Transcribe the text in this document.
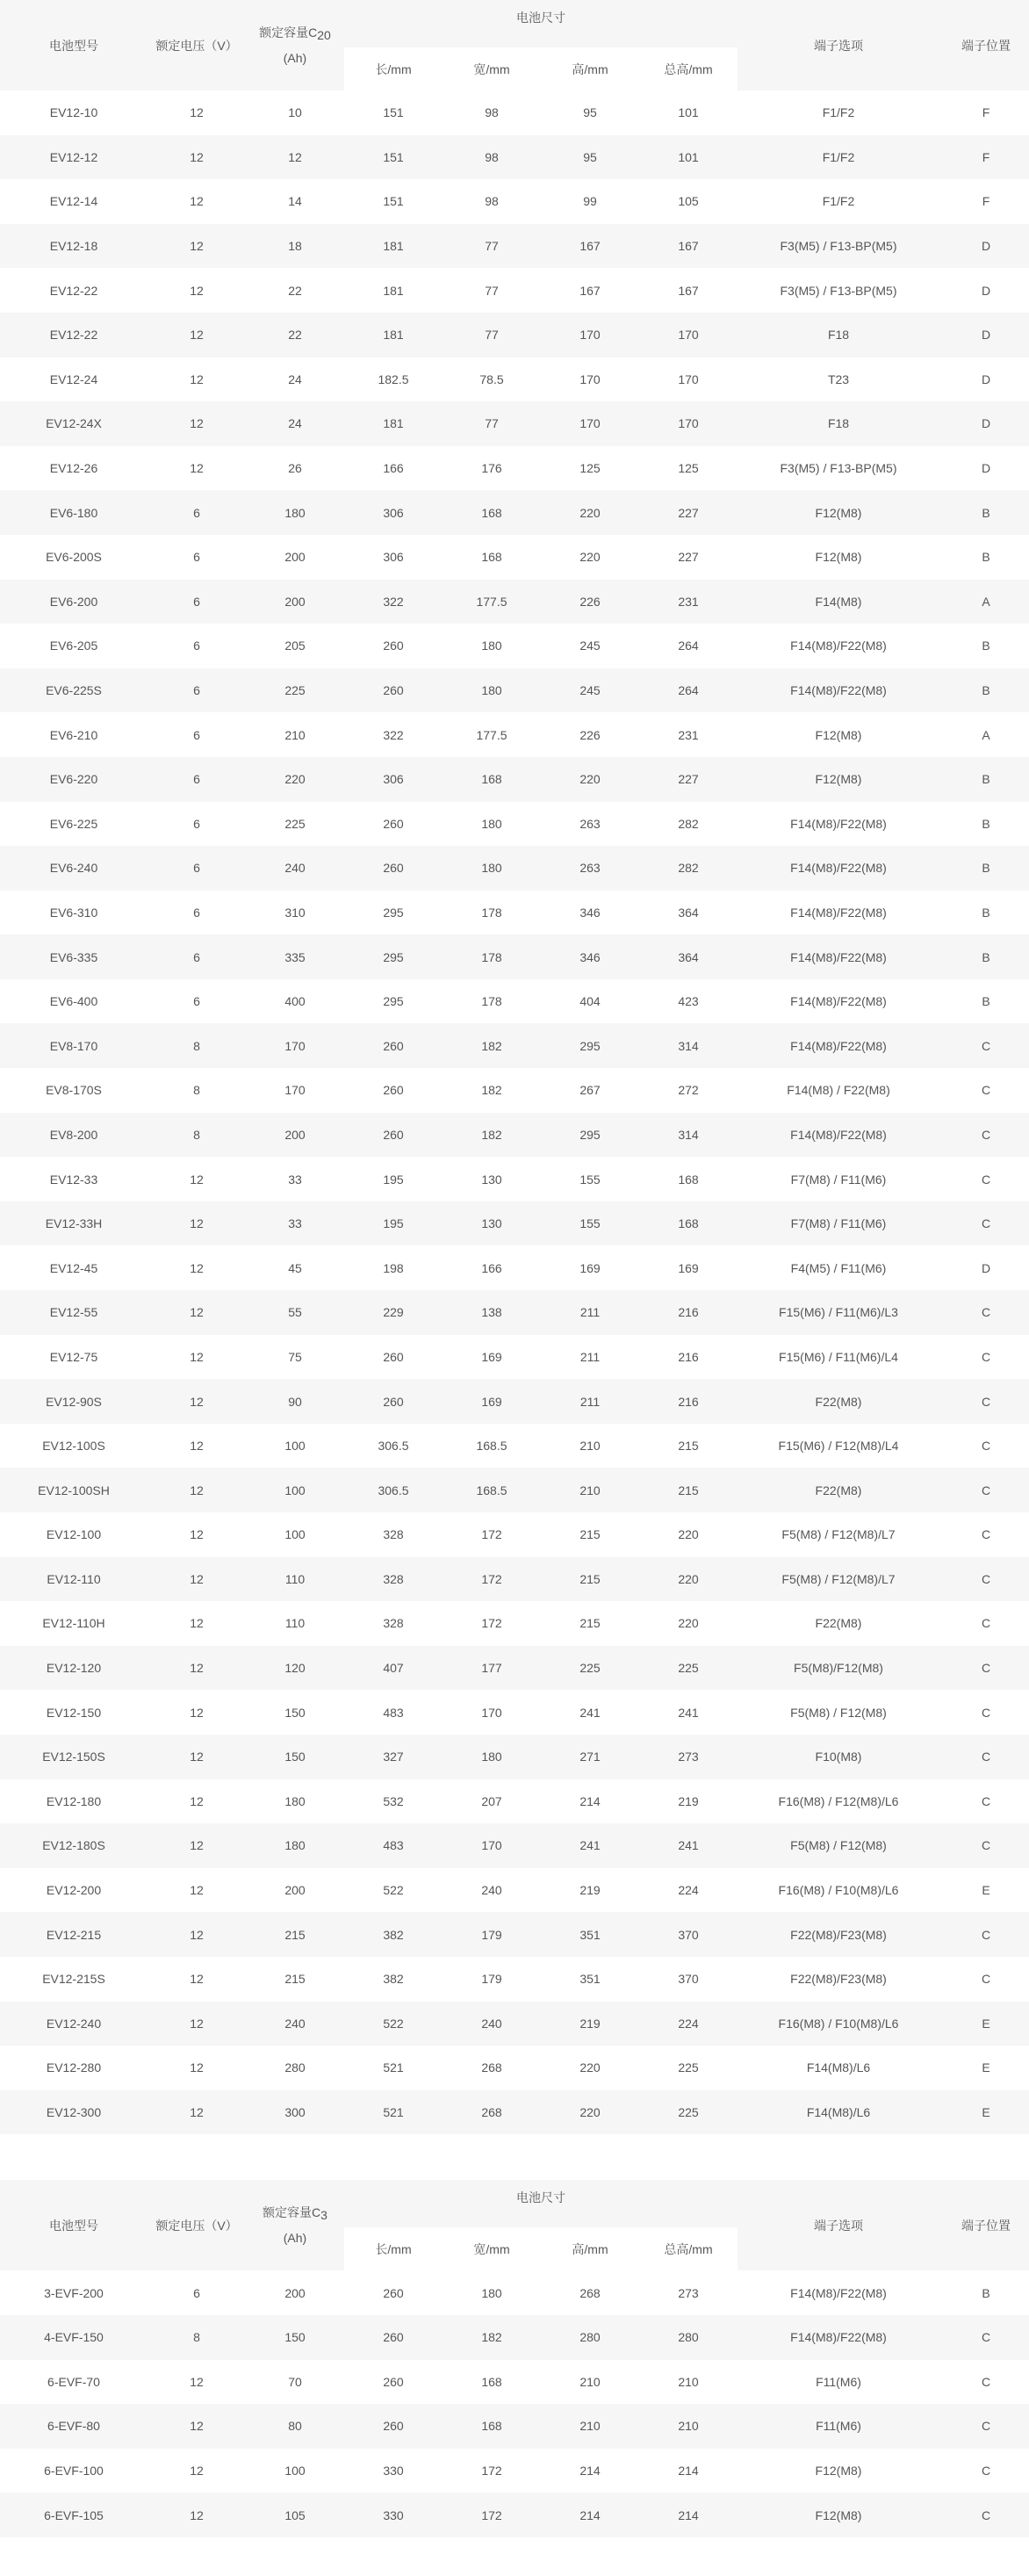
电池型号	额定电压（V）	额定容量C20
(Ah)	电池尺寸				端子选项	端子位置
			长/mm	宽/mm	高/mm	总高/mm		
EV12-10	12	10	151	98	95	101	F1/F2	F
EV12-12	12	12	151	98	95	101	F1/F2	F
EV12-14	12	14	151	98	99	105	F1/F2	F
EV12-18	12	18	181	77	167	167	F3(M5) / F13-BP(M5)	D
EV12-22	12	22	181	77	167	167	F3(M5) / F13-BP(M5)	D
EV12-22	12	22	181	77	170	170	F18	D
EV12-24	12	24	182.5	78.5	170	170	T23	D
EV12-24X	12	24	181	77	170	170	F18	D
EV12-26	12	26	166	176	125	125	F3(M5) / F13-BP(M5)	D
EV6-180	6	180	306	168	220	227	F12(M8)	B
EV6-200S	6	200	306	168	220	227	F12(M8)	B
EV6-200	6	200	322	177.5	226	231	F14(M8)	A
EV6-205	6	205	260	180	245	264	F14(M8)/F22(M8)	B
EV6-225S	6	225	260	180	245	264	F14(M8)/F22(M8)	B
EV6-210	6	210	322	177.5	226	231	F12(M8)	A
EV6-220	6	220	306	168	220	227	F12(M8)	B
EV6-225	6	225	260	180	263	282	F14(M8)/F22(M8)	B
EV6-240	6	240	260	180	263	282	F14(M8)/F22(M8)	B
EV6-310	6	310	295	178	346	364	F14(M8)/F22(M8)	B
EV6-335	6	335	295	178	346	364	F14(M8)/F22(M8)	B
EV6-400	6	400	295	178	404	423	F14(M8)/F22(M8)	B
EV8-170	8	170	260	182	295	314	F14(M8)/F22(M8)	C
EV8-170S	8	170	260	182	267	272	F14(M8) / F22(M8)	C
EV8-200	8	200	260	182	295	314	F14(M8)/F22(M8)	C
EV12-33	12	33	195	130	155	168	F7(M8) / F11(M6)	C
EV12-33H	12	33	195	130	155	168	F7(M8) / F11(M6)	C
EV12-45	12	45	198	166	169	169	F4(M5) / F11(M6)	D
EV12-55	12	55	229	138	211	216	F15(M6) / F11(M6)/L3	C
EV12-75	12	75	260	169	211	216	F15(M6) / F11(M6)/L4	C
EV12-90S	12	90	260	169	211	216	F22(M8)	C
EV12-100S	12	100	306.5	168.5	210	215	F15(M6) / F12(M8)/L4	C
EV12-100SH	12	100	306.5	168.5	210	215	F22(M8)	C
EV12-100	12	100	328	172	215	220	F5(M8) / F12(M8)/L7	C
EV12-110	12	110	328	172	215	220	F5(M8) / F12(M8)/L7	C
EV12-110H	12	110	328	172	215	220	F22(M8)	C
EV12-120	12	120	407	177	225	225	F5(M8)/F12(M8)	C
EV12-150	12	150	483	170	241	241	F5(M8) / F12(M8)	C
EV12-150S	12	150	327	180	271	273	F10(M8)	C
EV12-180	12	180	532	207	214	219	F16(M8) / F12(M8)/L6	C
EV12-180S	12	180	483	170	241	241	F5(M8) / F12(M8)	C
EV12-200	12	200	522	240	219	224	F16(M8) / F10(M8)/L6	E
EV12-215	12	215	382	179	351	370	F22(M8)/F23(M8)	C
EV12-215S	12	215	382	179	351	370	F22(M8)/F23(M8)	C
EV12-240	12	240	522	240	219	224	F16(M8) / F10(M8)/L6	E
EV12-280	12	280	521	268	220	225	F14(M8)/L6	E
EV12-300	12	300	521	268	220	225	F14(M8)/L6	E
电池型号	额定电压（V）	额定容量C3
(Ah)	电池尺寸				端子选项	端子位置
			长/mm	宽/mm	高/mm	总高/mm		
3-EVF-200	6	200	260	180	268	273	F14(M8)/F22(M8)	B
4-EVF-150	8	150	260	182	280	280	F14(M8)/F22(M8)	C
6-EVF-70	12	70	260	168	210	210	F11(M6)	C
6-EVF-80	12	80	260	168	210	210	F11(M6)	C
6-EVF-100	12	100	330	172	214	214	F12(M8)	C
6-EVF-105	12	105	330	172	214	214	F12(M8)	C
